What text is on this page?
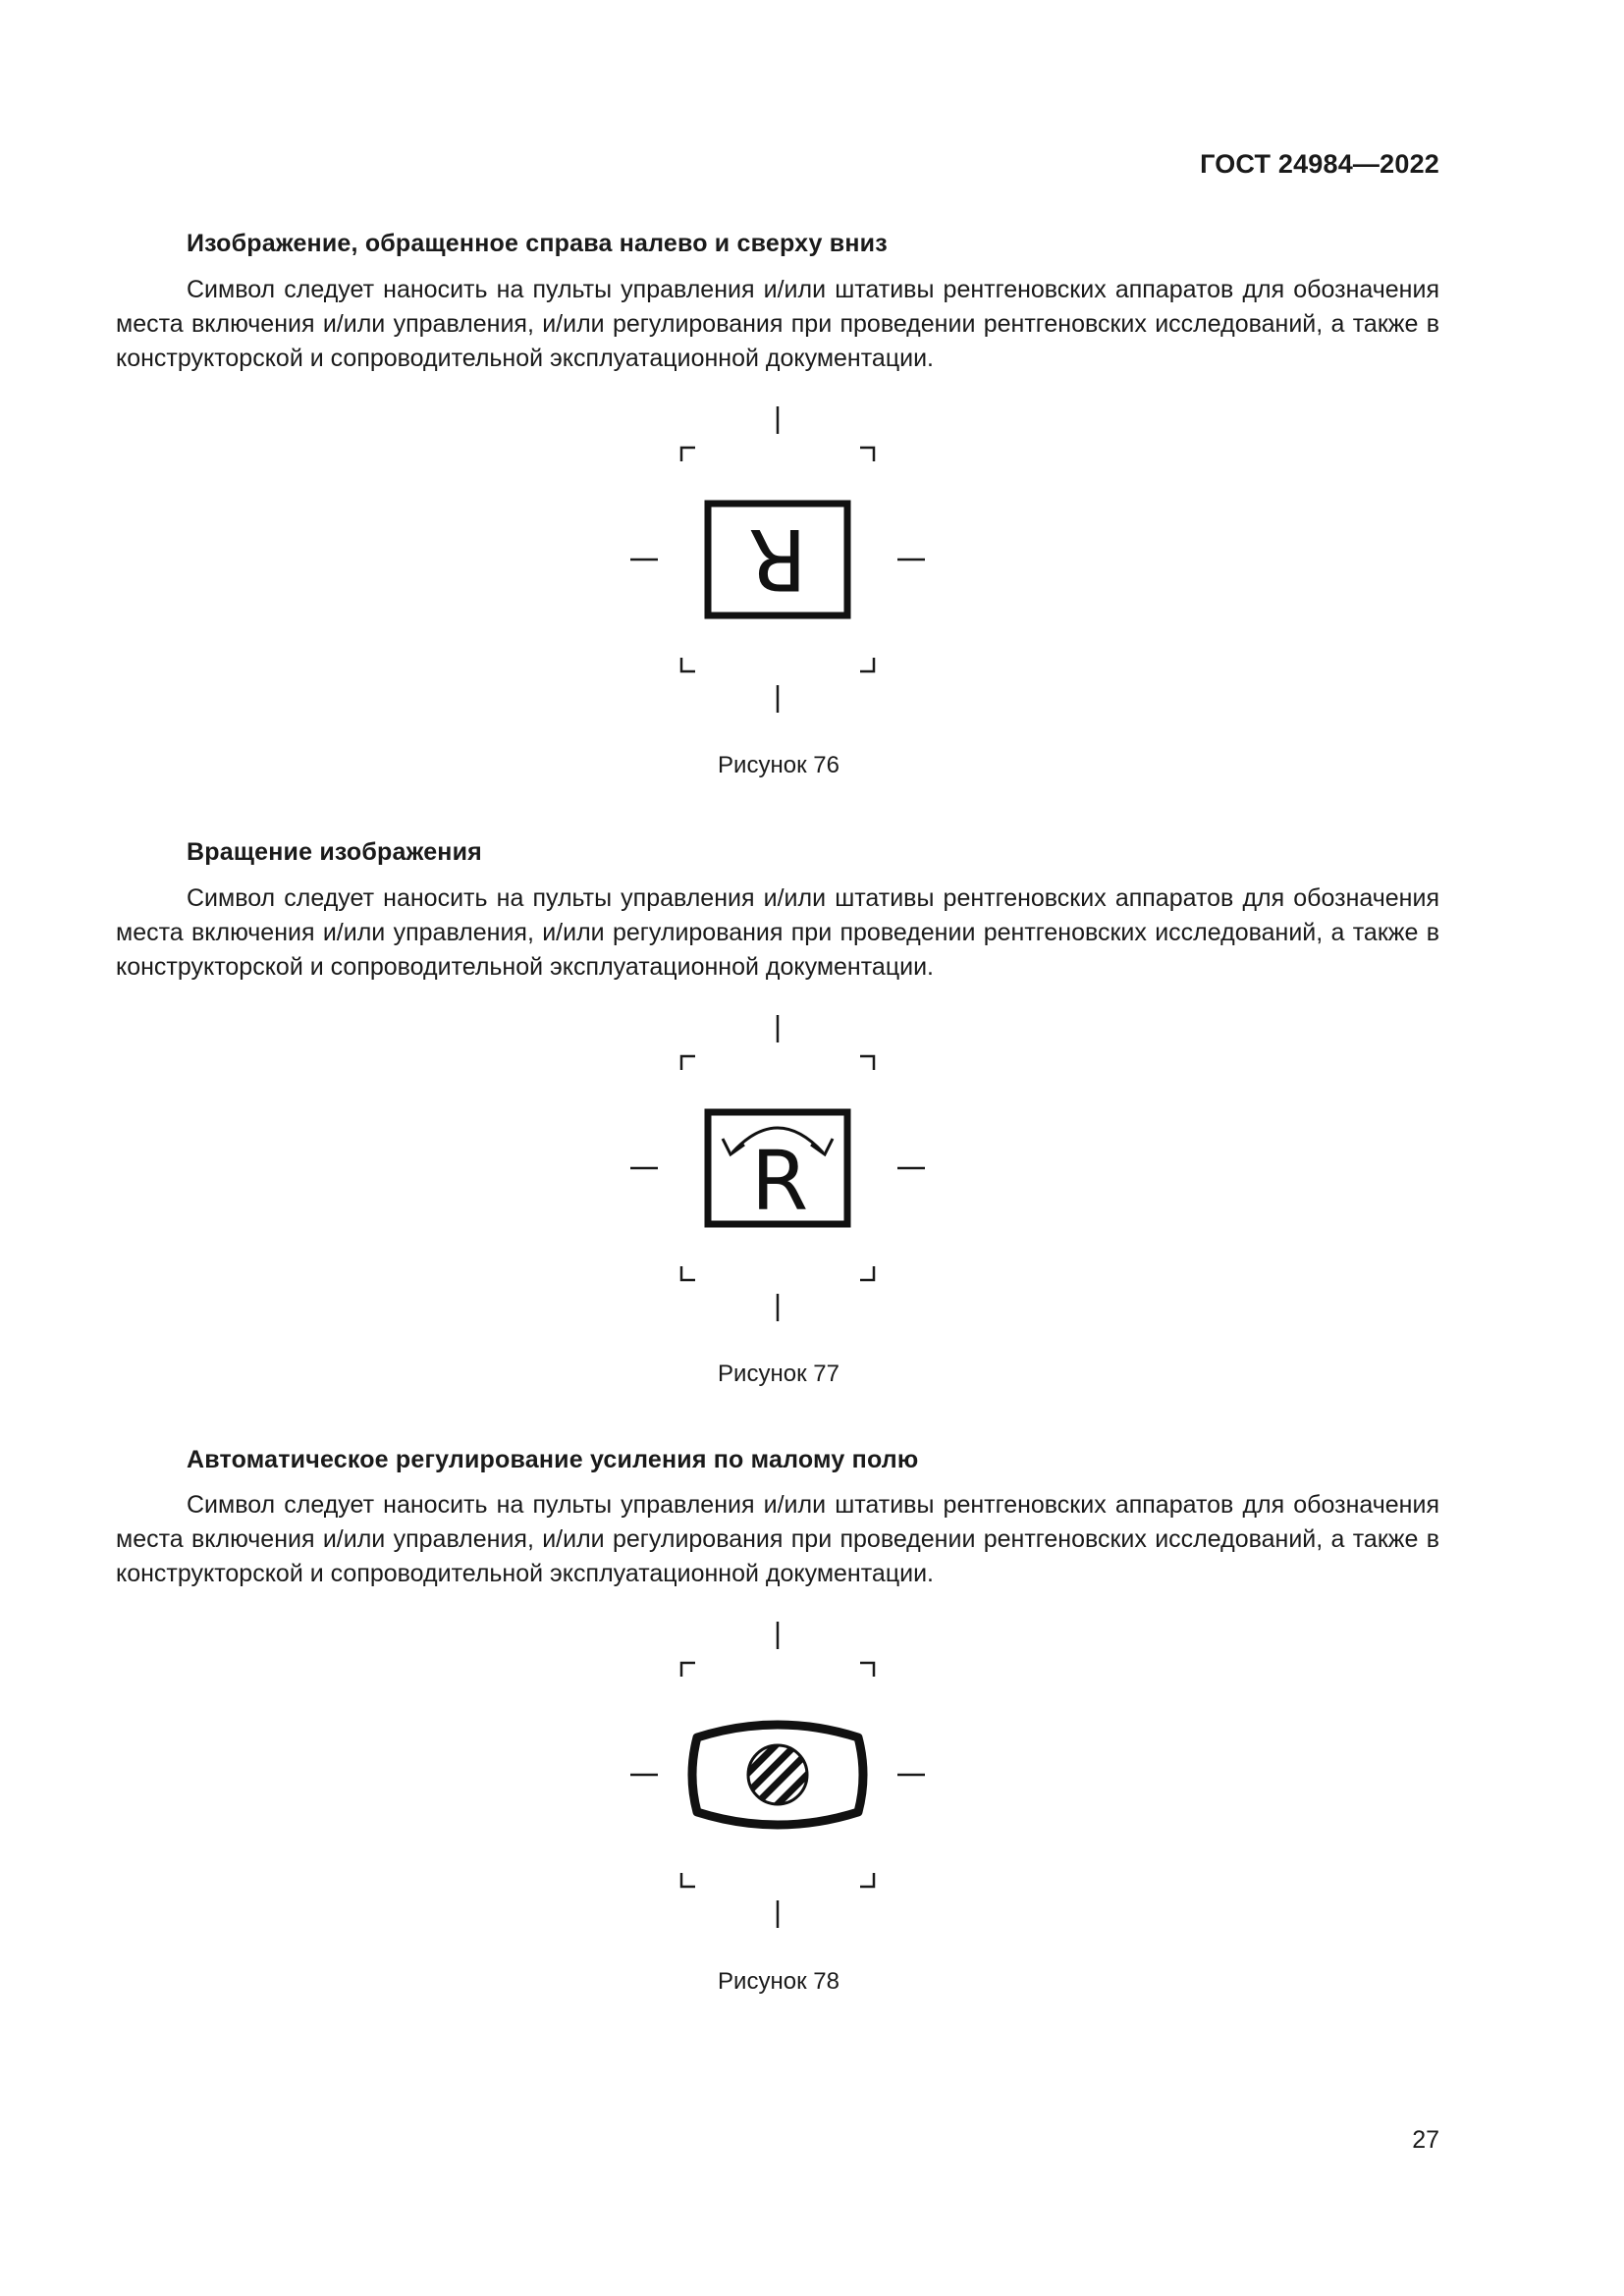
ГОСТ 24984—2022
Изображение, обращенное справа налево и сверху вниз
Символ следует наносить на пульты управления и/или штативы рентгеновских аппаратов для обозначения места включения и/или управления, и/или регулирования при проведении рентгеновских исследований, а также в конструкторской и сопроводительной эксплуатационной документации.
R
Рисунок 76
Вращение изображения
Символ следует наносить на пульты управления и/или штативы рентгеновских аппаратов для обозначения места включения и/или управления, и/или регулирования при проведении рентгеновских исследований, а также в конструкторской и сопроводительной эксплуатационной документации.
R
Рисунок 77
Автоматическое регулирование усиления по малому полю
Символ следует наносить на пульты управления и/или штативы рентгеновских аппаратов для обозначения места включения и/или управления, и/или регулирования при проведении рентгеновских исследований, а также в конструкторской и сопроводительной эксплуатационной документации.
Рисунок 78
27
